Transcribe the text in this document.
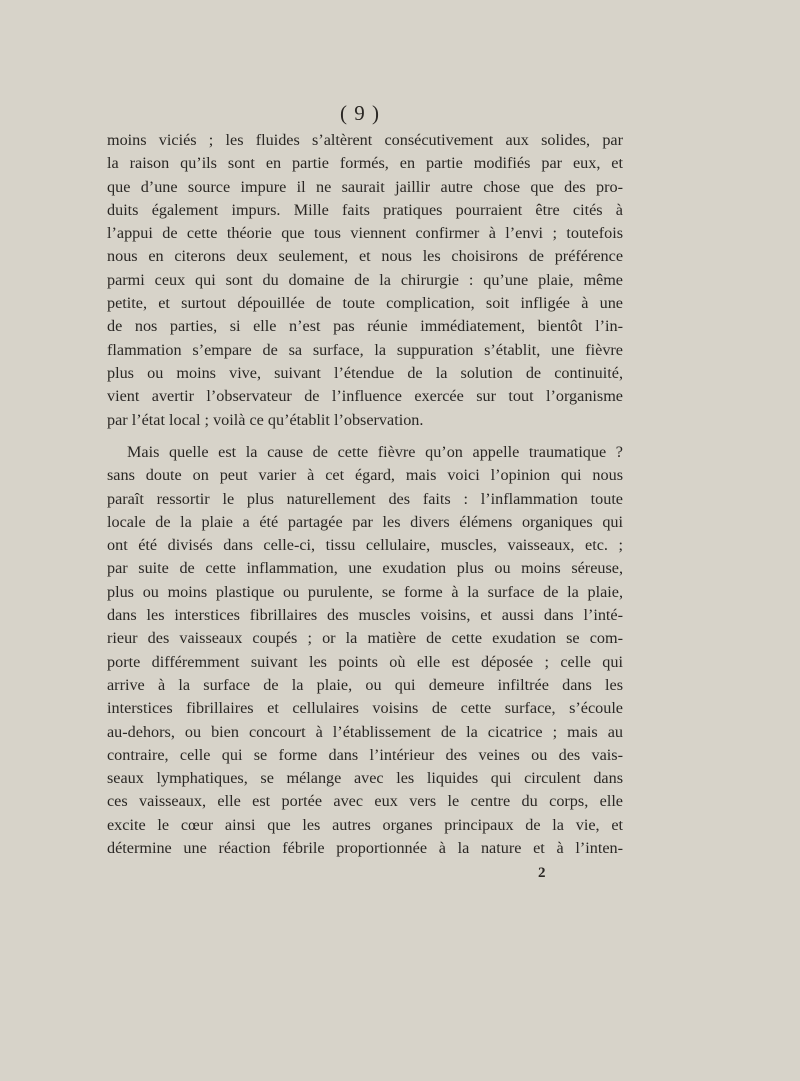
( 9 )
moins viciés ; les fluides s’altèrent consécutivement aux solides, par
la raison qu’ils sont en partie formés, en partie modifiés par eux, et
que d’une source impure il ne saurait jaillir autre chose que des pro-
duits également impurs. Mille faits pratiques pourraient être cités à
l’appui de cette théorie que tous viennent confirmer à l’envi ; toutefois
nous en citerons deux seulement, et nous les choisirons de préférence
parmi ceux qui sont du domaine de la chirurgie : qu’une plaie, même
petite, et surtout dépouillée de toute complication, soit infligée à une
de nos parties, si elle n’est pas réunie immédiatement, bientôt l’in-
flammation s’empare de sa surface, la suppuration s’établit, une fièvre
plus ou moins vive, suivant l’étendue de la solution de continuité,
vient avertir l’observateur de l’influence exercée sur tout l’organisme
par l’état local ; voilà ce qu’établit l’observation.
Mais quelle est la cause de cette fièvre qu’on appelle traumatique ?
sans doute on peut varier à cet égard, mais voici l’opinion qui nous
paraît ressortir le plus naturellement des faits : l’inflammation toute
locale de la plaie a été partagée par les divers élémens organiques qui
ont été divisés dans celle-ci, tissu cellulaire, muscles, vaisseaux, etc. ;
par suite de cette inflammation, une exudation plus ou moins séreuse,
plus ou moins plastique ou purulente, se forme à la surface de la plaie,
dans les interstices fibrillaires des muscles voisins, et aussi dans l’inté-
rieur des vaisseaux coupés ; or la matière de cette exudation se com-
porte différemment suivant les points où elle est déposée ; celle qui
arrive à la surface de la plaie, ou qui demeure infiltrée dans les
interstices fibrillaires et cellulaires voisins de cette surface, s’écoule
au-dehors, ou bien concourt à l’établissement de la cicatrice ; mais au
contraire, celle qui se forme dans l’intérieur des veines ou des vais-
seaux lymphatiques, se mélange avec les liquides qui circulent dans
ces vaisseaux, elle est portée avec eux vers le centre du corps, elle
excite le cœur ainsi que les autres organes principaux de la vie, et
détermine une réaction fébrile proportionnée à la nature et à l’inten-
2
